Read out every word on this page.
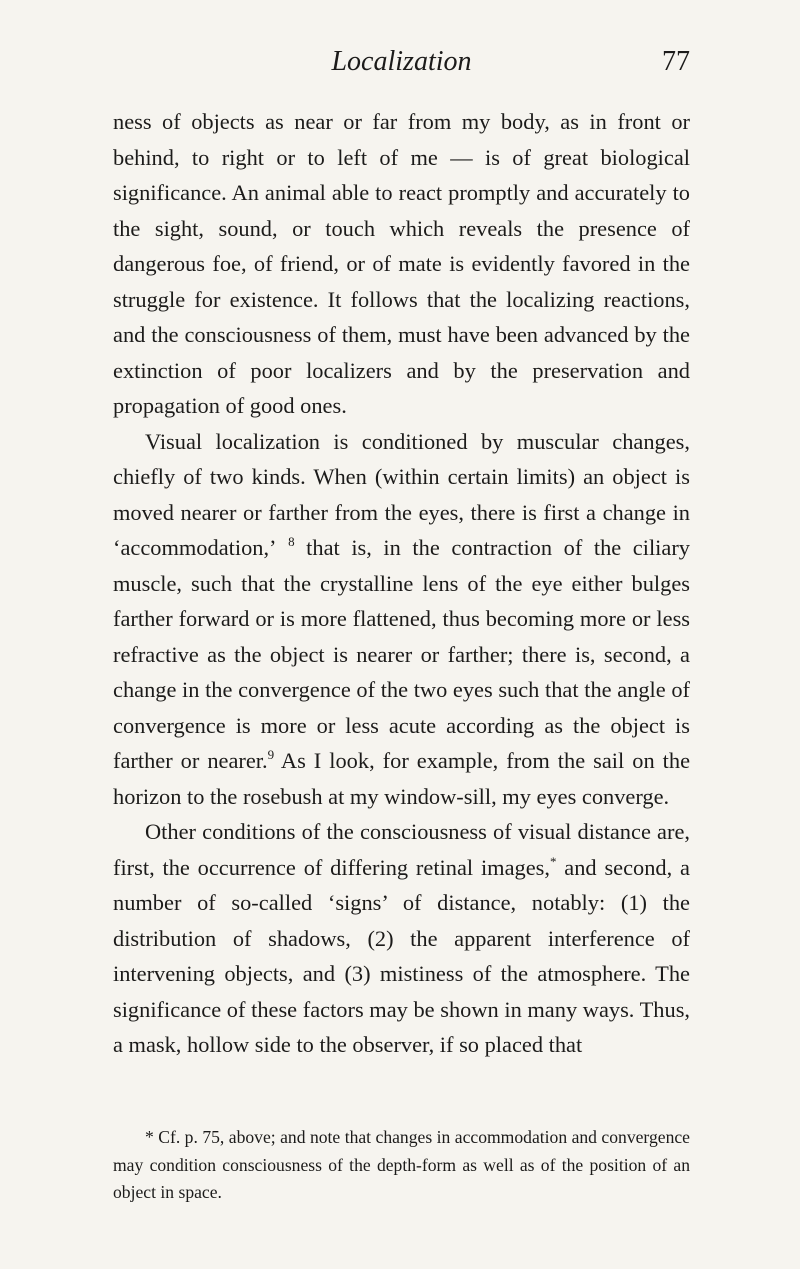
Localization	77

ness of objects as near or far from my body, as in front or behind, to right or to left of me — is of great biological significance. An animal able to react promptly and accurately to the sight, sound, or touch which reveals the presence of dangerous foe, of friend, or of mate is evidently favored in the struggle for existence. It follows that the localizing reactions, and the consciousness of them, must have been advanced by the extinction of poor localizers and by the preservation and propagation of good ones.

Visual localization is conditioned by muscular changes, chiefly of two kinds. When (within certain limits) an object is moved nearer or farther from the eyes, there is first a change in ‘accommodation,’ $^8$ that is, in the contraction of the ciliary muscle, such that the crystalline lens of the eye either bulges farther forward or is more flattened, thus becoming more or less refractive as the object is nearer or farther; there is, second, a change in the convergence of the two eyes such that the angle of convergence is more or less acute according as the object is farther or nearer.$^9$ As I look, for example, from the sail on the horizon to the rosebush at my window-sill, my eyes converge.

Other conditions of the consciousness of visual distance are, first, the occurrence of differing retinal images,* and second, a number of so-called ‘signs’ of distance, notably: (1) the distribution of shadows, (2) the apparent interference of intervening objects, and (3) mistiness of the atmosphere. The significance of these factors may be shown in many ways. Thus, a mask, hollow side to the observer, if so placed that

* Cf. p. 75, above; and note that changes in accommodation and convergence may condition consciousness of the depth-form as well as of the position of an object in space.
